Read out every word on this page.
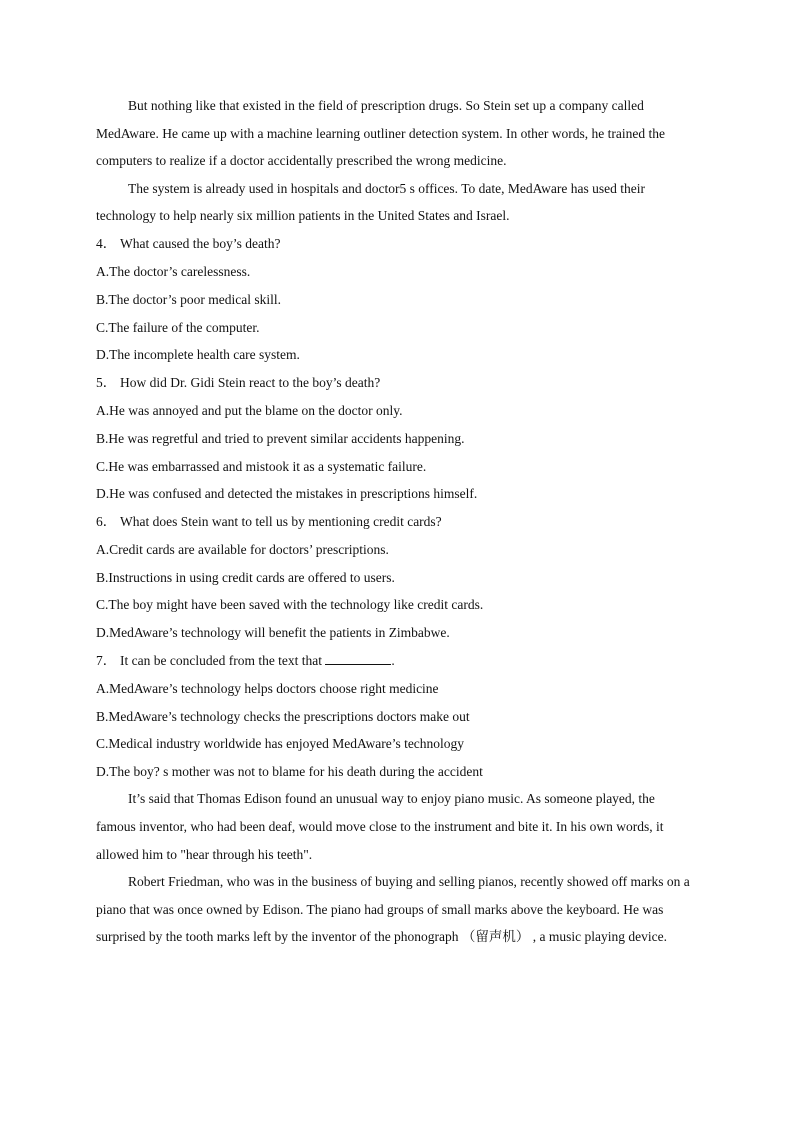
But nothing like that existed in the field of prescription drugs. So Stein set up a company called MedAware. He came up with a machine learning outliner detection system. In other words, he trained the computers to realize if a doctor accidentally prescribed the wrong medicine.

The system is already used in hospitals and doctor5 s offices. To date, MedAware has used their technology to help nearly six million patients in the United States and Israel.

4． What caused the boy’s death?

A.The doctor’s carelessness.

B.The doctor’s poor medical skill.

C.The failure of the computer.

D.The incomplete health care system.

5． How did Dr. Gidi Stein react to the boy’s death?

A.He was annoyed and put the blame on the doctor only.

B.He was regretful and tried to prevent similar accidents happening.

C.He was embarrassed and mistook it as a systematic failure.

D.He was confused and detected the mistakes in prescriptions himself.

6． What does Stein want to tell us by mentioning credit cards?

A.Credit cards are available for doctors’ prescriptions.

B.Instructions in using credit cards are offered to users.

C.The boy might have been saved with the technology like credit cards.

D.MedAware’s technology will benefit the patients in Zimbabwe.

7． It can be concluded from the text that	.

A.MedAware’s technology helps doctors choose right medicine

B.MedAware’s technology checks the prescriptions doctors make out

C.Medical industry worldwide has enjoyed MedAware’s technology

D.The boy? s mother was not to blame for his death during the accident

It’s said that Thomas Edison found an unusual way to enjoy piano music. As someone played, the famous inventor, who had been deaf, would move close to the instrument and bite it. In his own words, it allowed him to "hear through his teeth".

Robert Friedman, who was in the business of buying and selling pianos, recently showed off marks on a piano that was once owned by Edison. The piano had groups of small marks above the keyboard. He was surprised by the tooth marks left by the inventor of the phonograph （留声机） , a music playing device.
